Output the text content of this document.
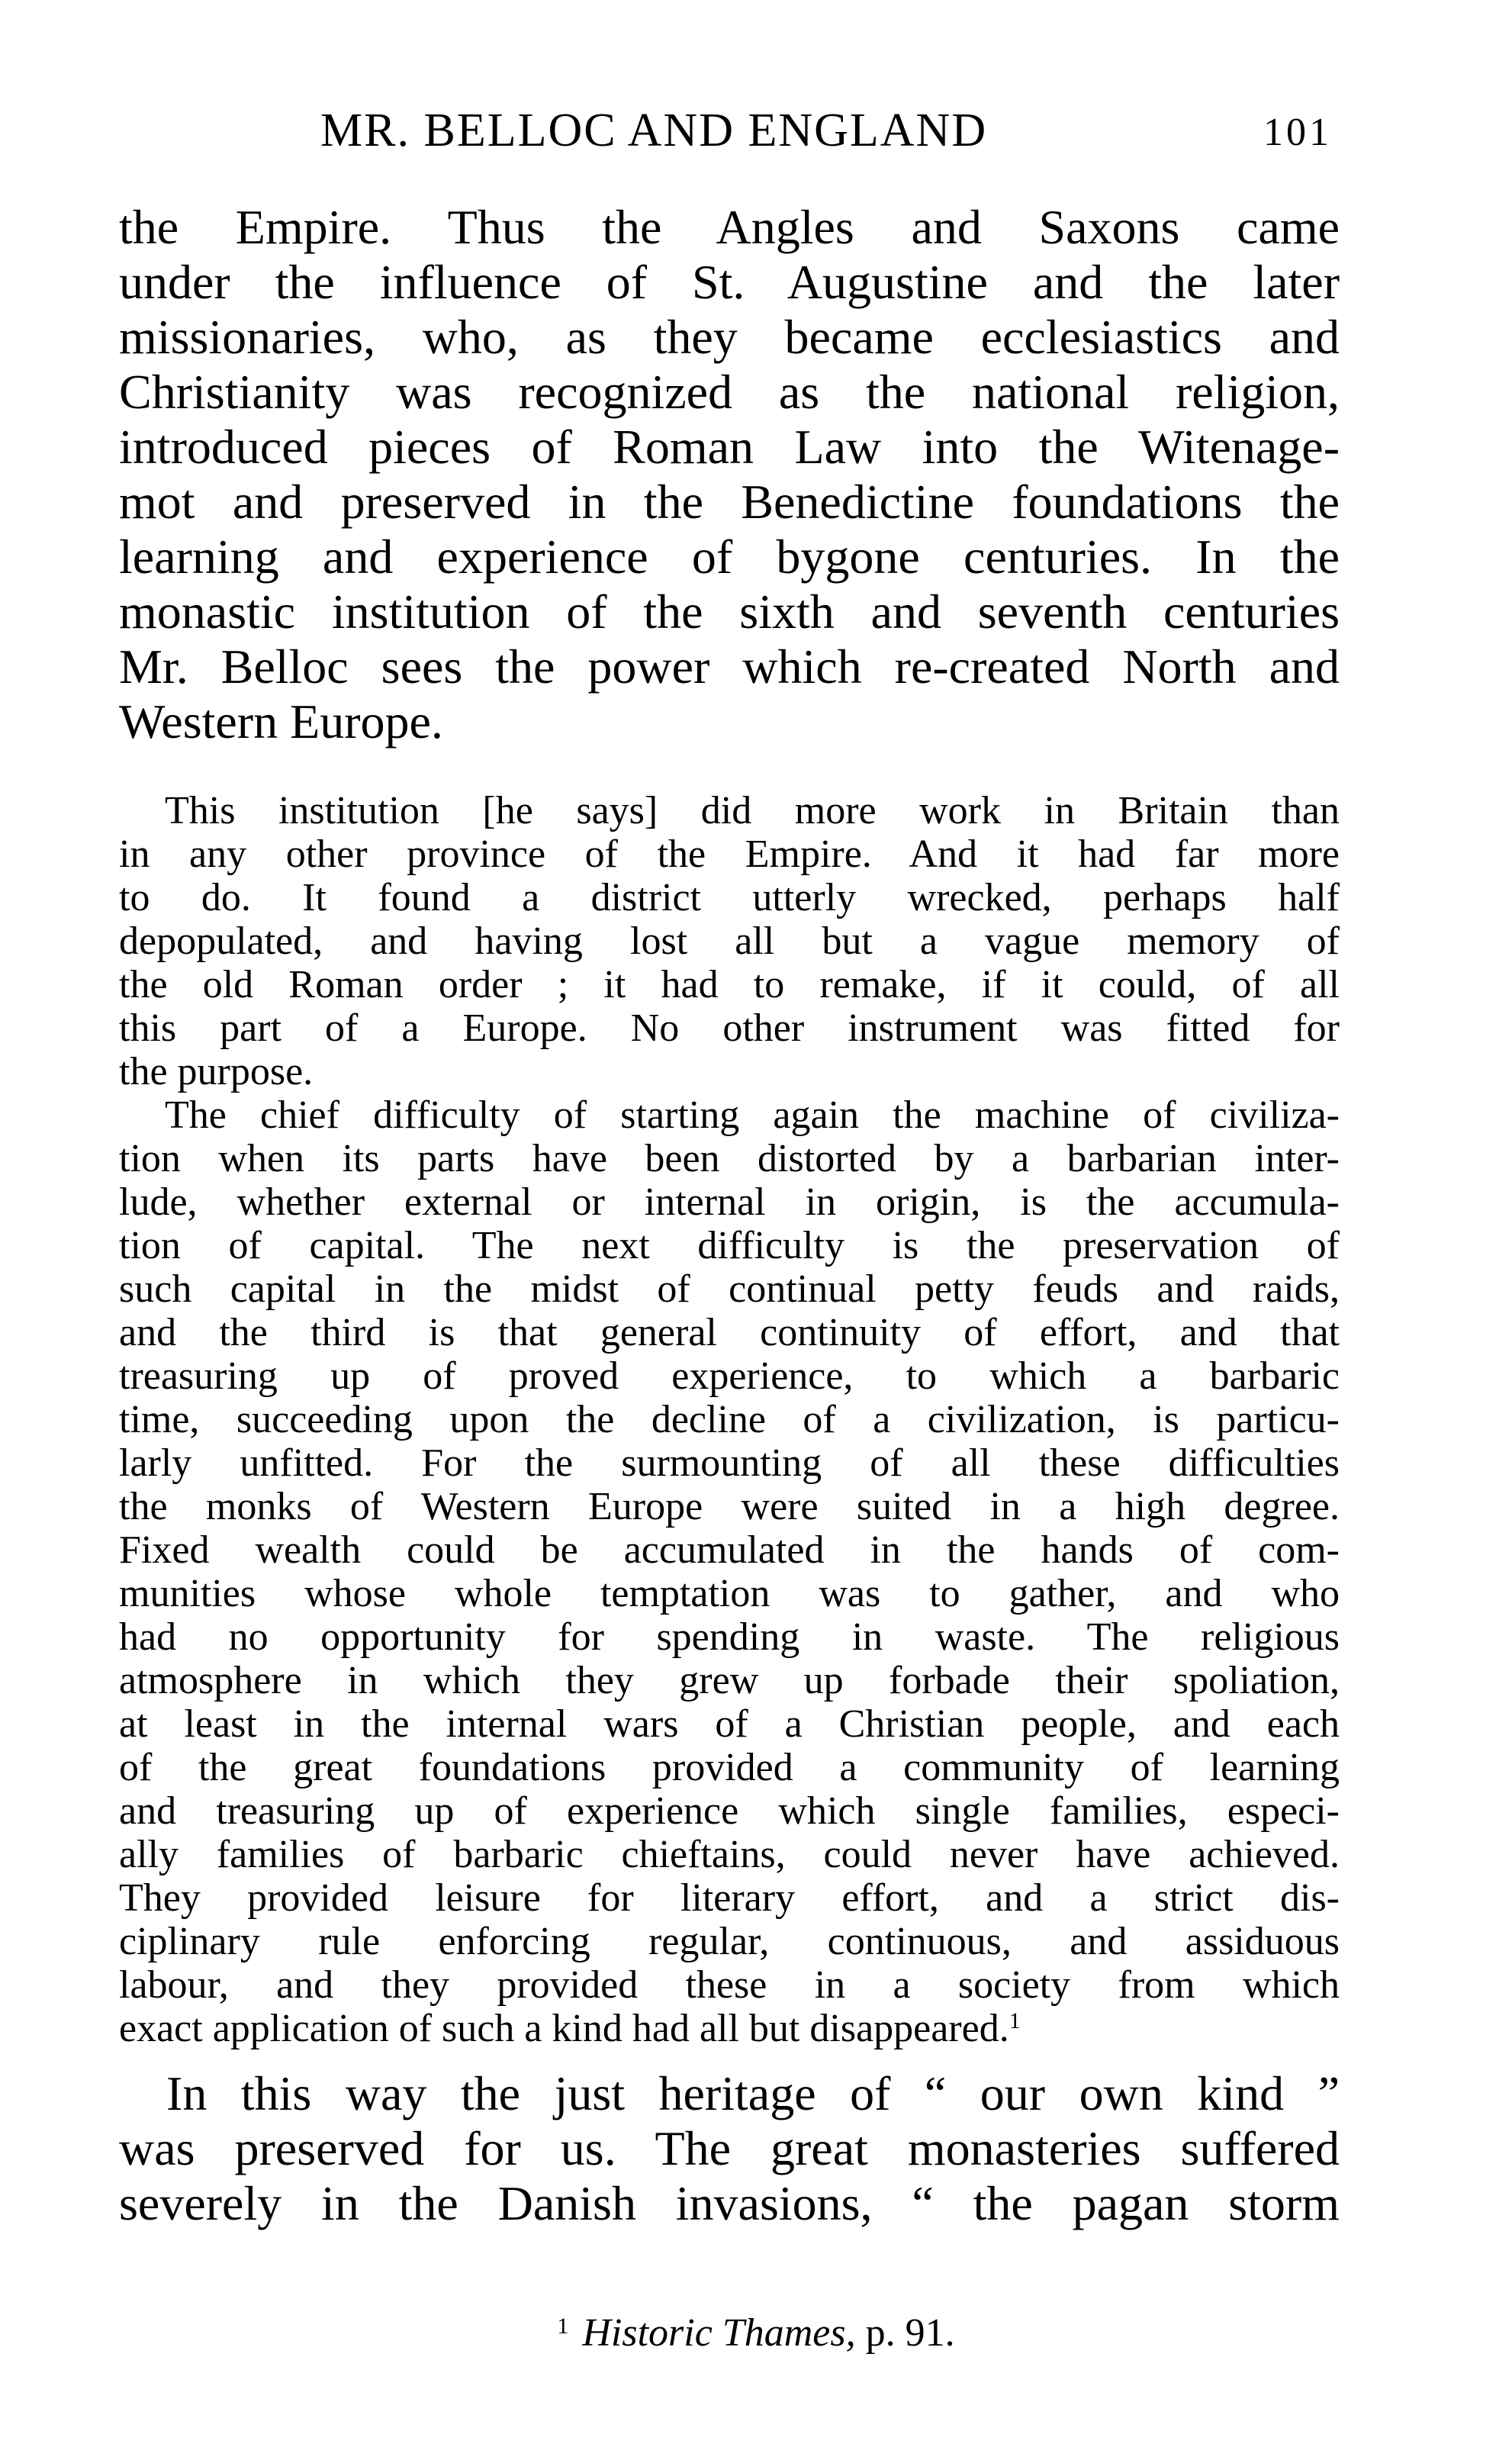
MR. BELLOC AND ENGLAND	101
the Empire. Thus the Angles and Saxons came
under the influence of St. Augustine and the later
missionaries, who, as they became ecclesiastics and
Christianity was recognized as the national religion,
introduced pieces of Roman Law into the Witenage-
mot and preserved in the Benedictine foundations the
learning and experience of bygone centuries. In the
monastic institution of the sixth and seventh centuries
Mr. Belloc sees the power which re-created North and
Western Europe.
This institution [he says] did more work in Britain than
in any other province of the Empire. And it had far more
to do. It found a district utterly wrecked, perhaps half
depopulated, and having lost all but a vague memory of
the old Roman order ; it had to remake, if it could, of all
this part of a Europe. No other instrument was fitted for
the purpose.
The chief difficulty of starting again the machine of civiliza-
tion when its parts have been distorted by a barbarian inter-
lude, whether external or internal in origin, is the accumula-
tion of capital. The next difficulty is the preservation of
such capital in the midst of continual petty feuds and raids,
and the third is that general continuity of effort, and that
treasuring up of proved experience, to which a barbaric
time, succeeding upon the decline of a civilization, is particu-
larly unfitted. For the surmounting of all these difficulties
the monks of Western Europe were suited in a high degree.
Fixed wealth could be accumulated in the hands of com-
munities whose whole temptation was to gather, and who
had no opportunity for spending in waste. The religious
atmosphere in which they grew up forbade their spoliation,
at least in the internal wars of a Christian people, and each
of the great foundations provided a community of learning
and treasuring up of experience which single families, especi-
ally families of barbaric chieftains, could never have achieved.
They provided leisure for literary effort, and a strict dis-
ciplinary rule enforcing regular, continuous, and assiduous
labour, and they provided these in a society from which
exact application of such a kind had all but disappeared.$^1$
In this way the just heritage of “ our own kind ”
was preserved for us. The great monasteries suffered
severely in the Danish invasions, “ the pagan storm
$^1$ Historic Thames, p. 91.
